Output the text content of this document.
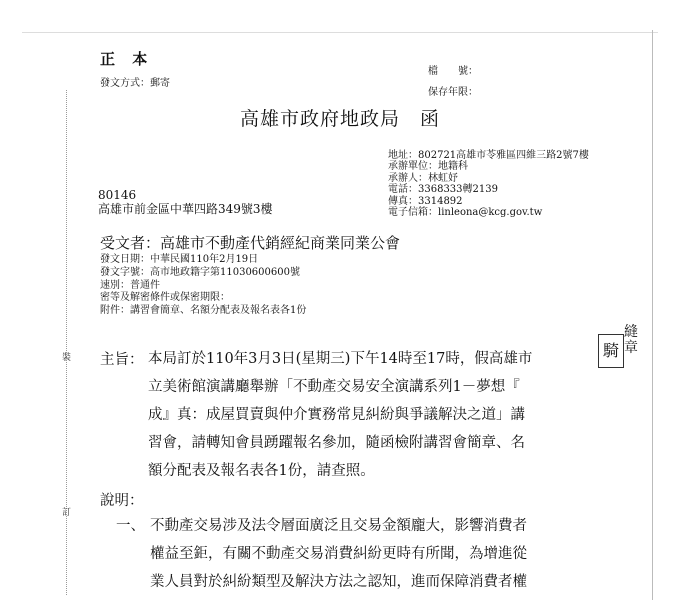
正 本
發文方式：郵寄
檔　　號：
保存年限：
高雄市政府地政局　函
地址：802721高雄市苓雅區四維三路2號7樓
承辦單位：地籍科
承辦人：林虹妤
電話：3368333轉2139
傳真：3314892
電子信箱：linleona@kcg.gov.tw
80146
高雄市前金區中華四路349號3樓
受文者：高雄市不動產代銷經紀商業同業公會
發文日期：中華民國110年2月19日
發文字號：高市地政籍字第11030600600號
速別：普通件
密等及解密條件或保密期限：
附件：講習會簡章、名額分配表及報名表各1份
騎
縫
章
裝
訂
主旨： 本局訂於110年3月3日(星期三)下午14時至17時，假高雄市
立美術館演講廳舉辦「不動產交易安全演講系列1－夢想『
成』真：成屋買賣與仲介實務常見糾紛與爭議解決之道」講
習會，請轉知會員踴躍報名參加，隨函檢附講習會簡章、名
額分配表及報名表各1份，請查照。
說明：
一、 不動產交易涉及法令層面廣泛且交易金額龐大，影響消費者
權益至鉅，有關不動產交易消費糾紛更時有所聞，為增進從
業人員對於糾紛類型及解決方法之認知，進而保障消費者權
